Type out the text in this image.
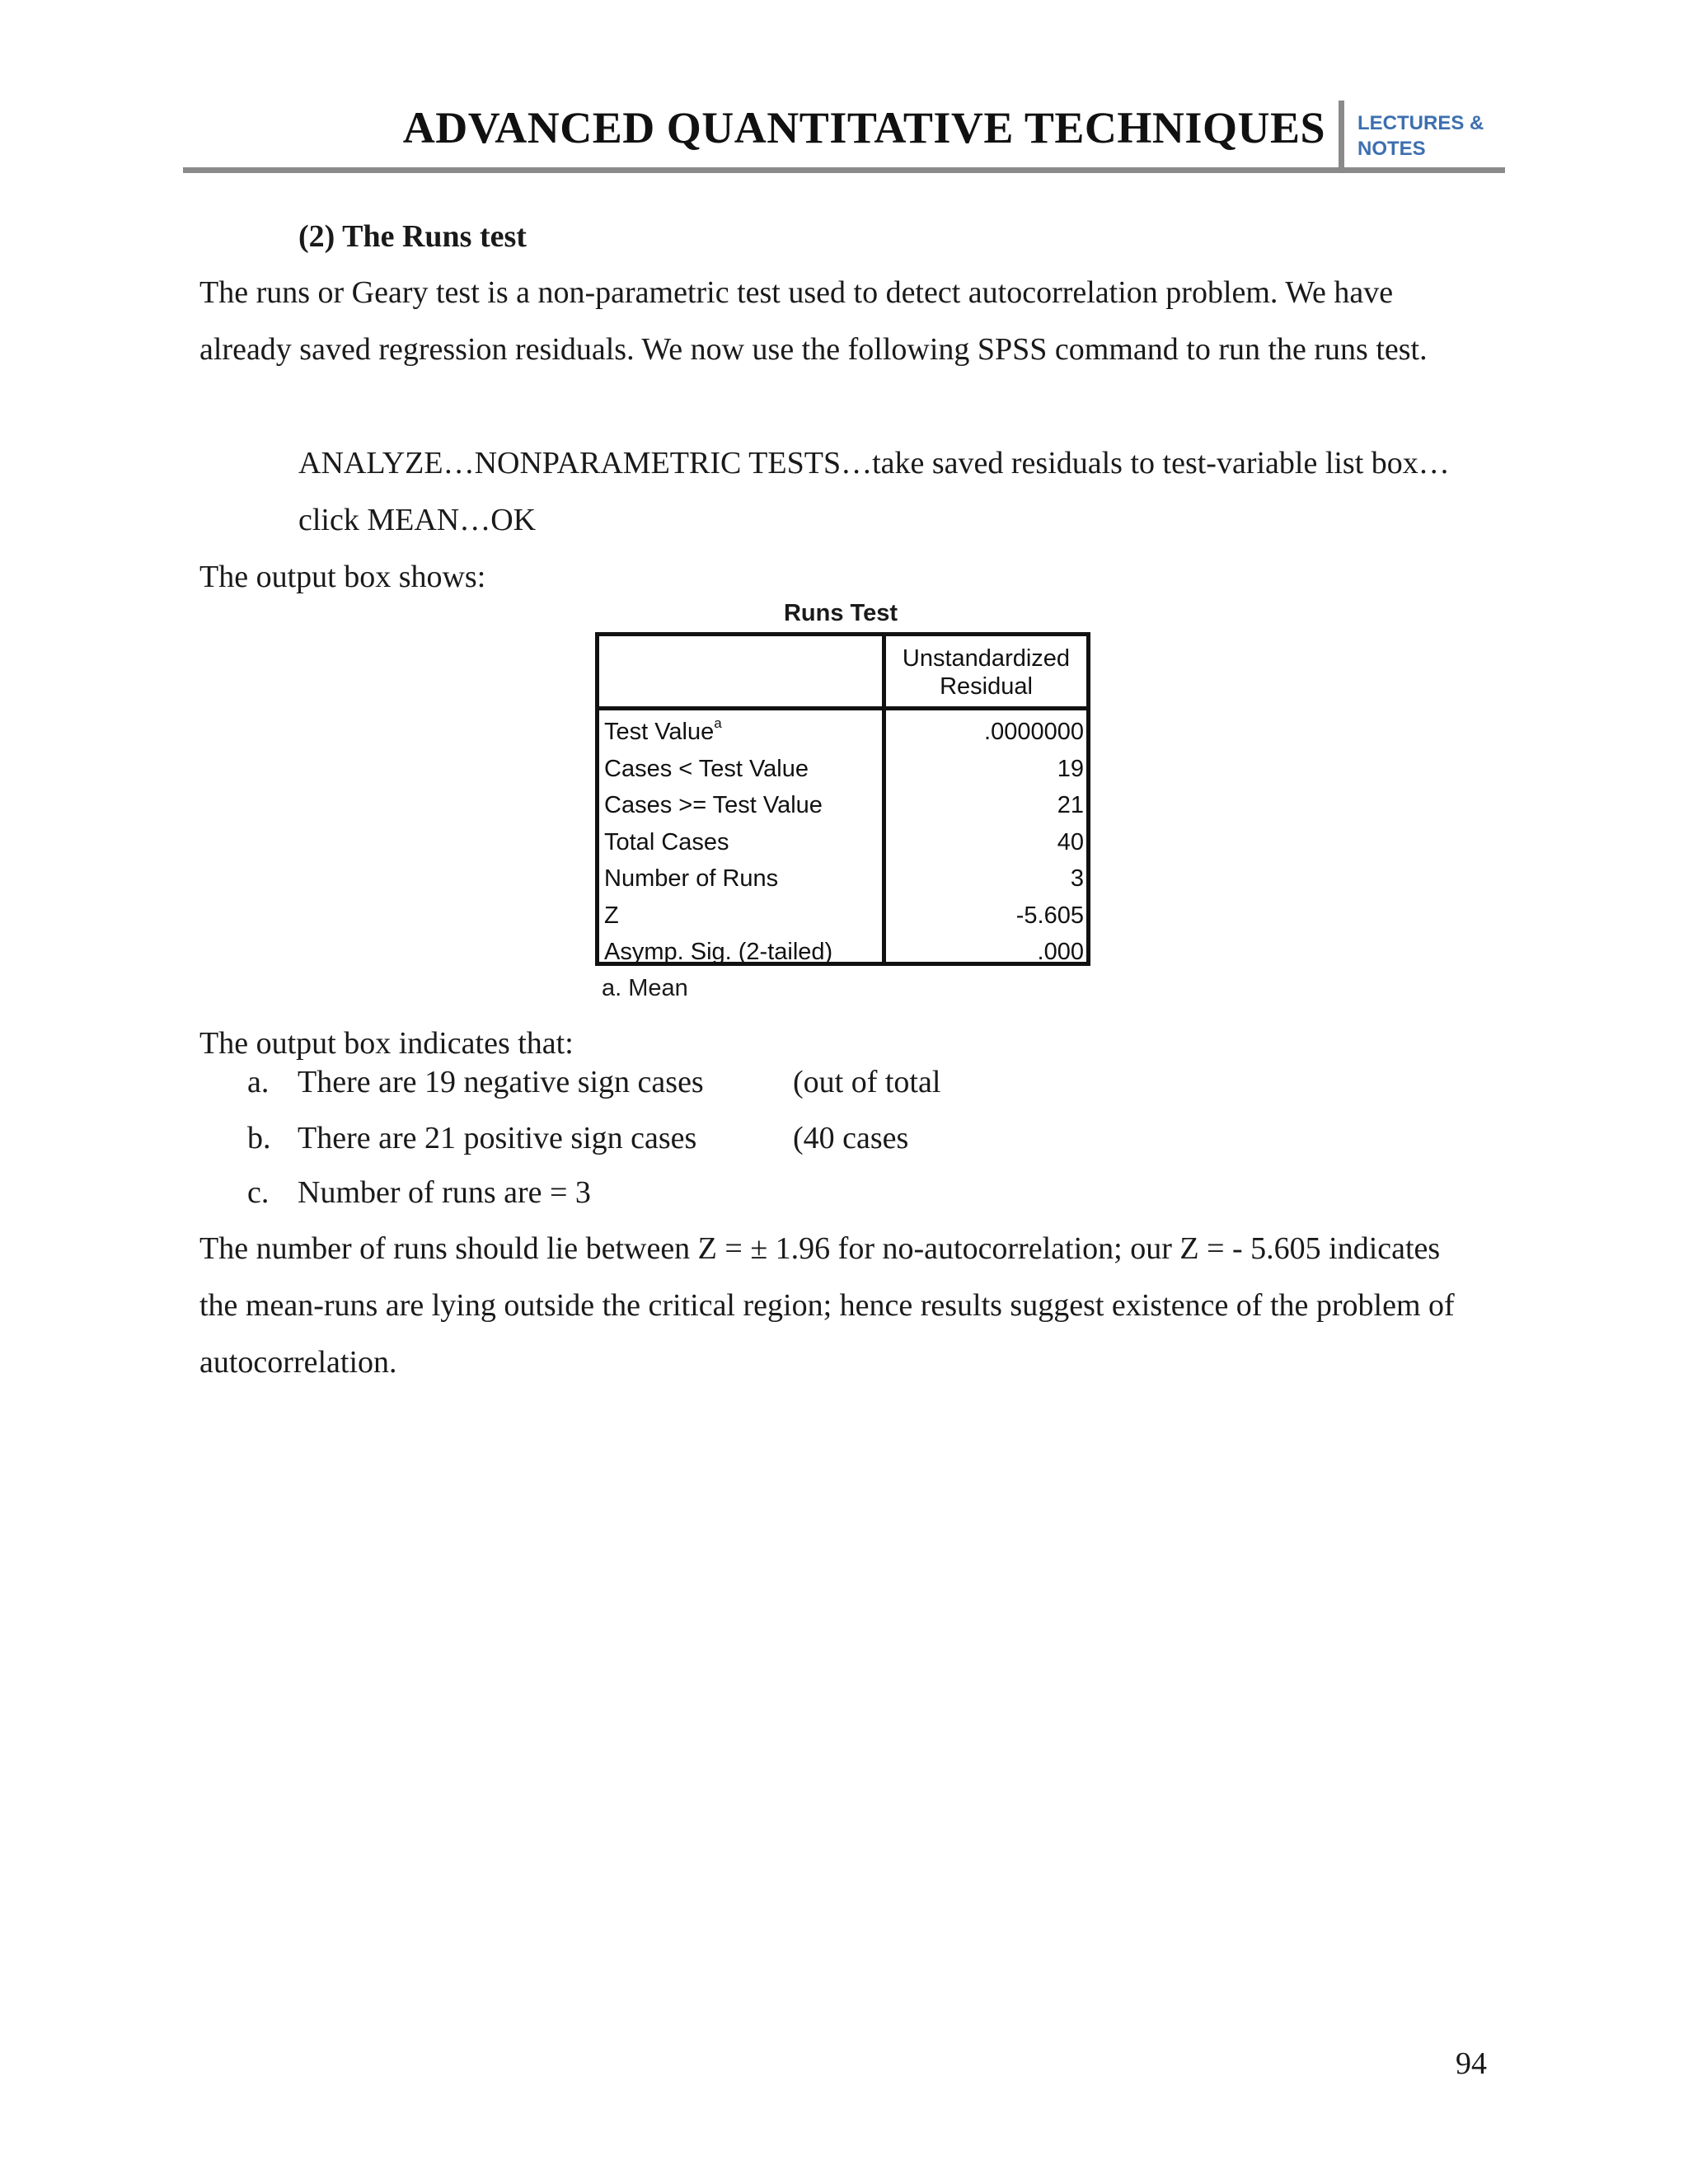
ADVANCED QUANTITATIVE TECHNIQUES LECTURES &
NOTES
(2) The Runs test
The runs or Geary test is a non-parametric test used to detect autocorrelation problem. We have already saved regression residuals. We now use the following SPSS command to run the runs test.
ANALYZE…NONPARAMETRIC TESTS…take saved residuals to test-variable list box…click MEAN…OK
The output box shows:
Runs Test
Unstandardized
Residual
Test Value$^a$	.0000000
Cases < Test Value	19
Cases >= Test Value	21
Total Cases	40
Number of Runs	3
Z	-5.605
Asymp. Sig. (2-tailed)	.000
a. Mean
The output box indicates that:
a. There are 19 negative sign cases	(out of total
b. There are 21 positive sign cases	(40 cases
c. Number of runs are = 3
The number of runs should lie between Z = ± 1.96 for no-autocorrelation; our Z = - 5.605 indicates the mean-runs are lying outside the critical region; hence results suggest existence of the problem of autocorrelation.
94
